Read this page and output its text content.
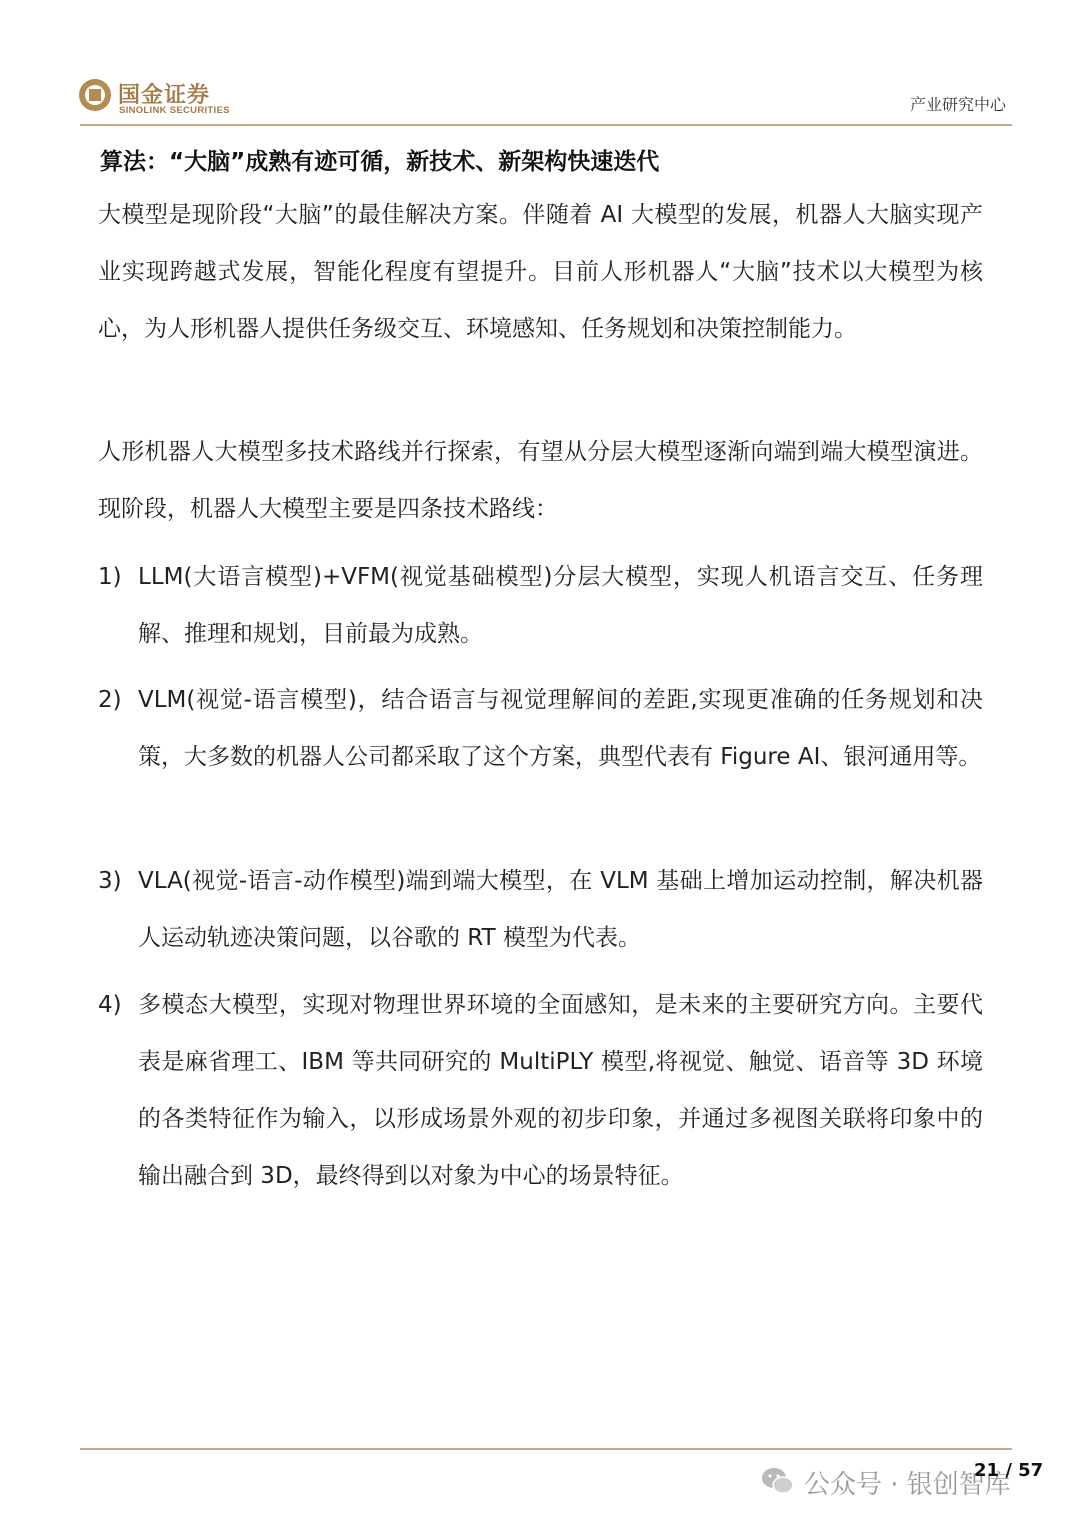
国金证券
SINOLINK SECURITIES	产业研究中心
算法：“大脑”成熟有迹可循，新技术、新架构快速迭代
大模型是现阶段“大脑”的最佳解决方案。伴随着 AI 大模型的发展，机器人大脑实现产业实现跨越式发展，智能化程度有望提升。目前人形机器人“大脑”技术以大模型为核心，为人形机器人提供任务级交互、环境感知、任务规划和决策控制能力。
人形机器人大模型多技术路线并行探索，有望从分层大模型逐渐向端到端大模型演进。现阶段，机器人大模型主要是四条技术路线：
1) LLM(大语言模型)+VFM(视觉基础模型)分层大模型，实现人机语言交互、任务理解、推理和规划，目前最为成熟。
2) VLM(视觉-语言模型)，结合语言与视觉理解间的差距,实现更准确的任务规划和决策，大多数的机器人公司都采取了这个方案，典型代表有 Figure AI、银河通用等。
3) VLA(视觉-语言-动作模型)端到端大模型，在 VLM 基础上增加运动控制，解决机器人运动轨迹决策问题，以谷歌的 RT 模型为代表。
4) 多模态大模型，实现对物理世界环境的全面感知，是未来的主要研究方向。主要代表是麻省理工、IBM 等共同研究的 MultiPLY 模型,将视觉、触觉、语音等 3D 环境的各类特征作为输入，以形成场景外观的初步印象，并通过多视图关联将印象中的输出融合到 3D，最终得到以对象为中心的场景特征。
公众号 · 银创智库
21 / 57
